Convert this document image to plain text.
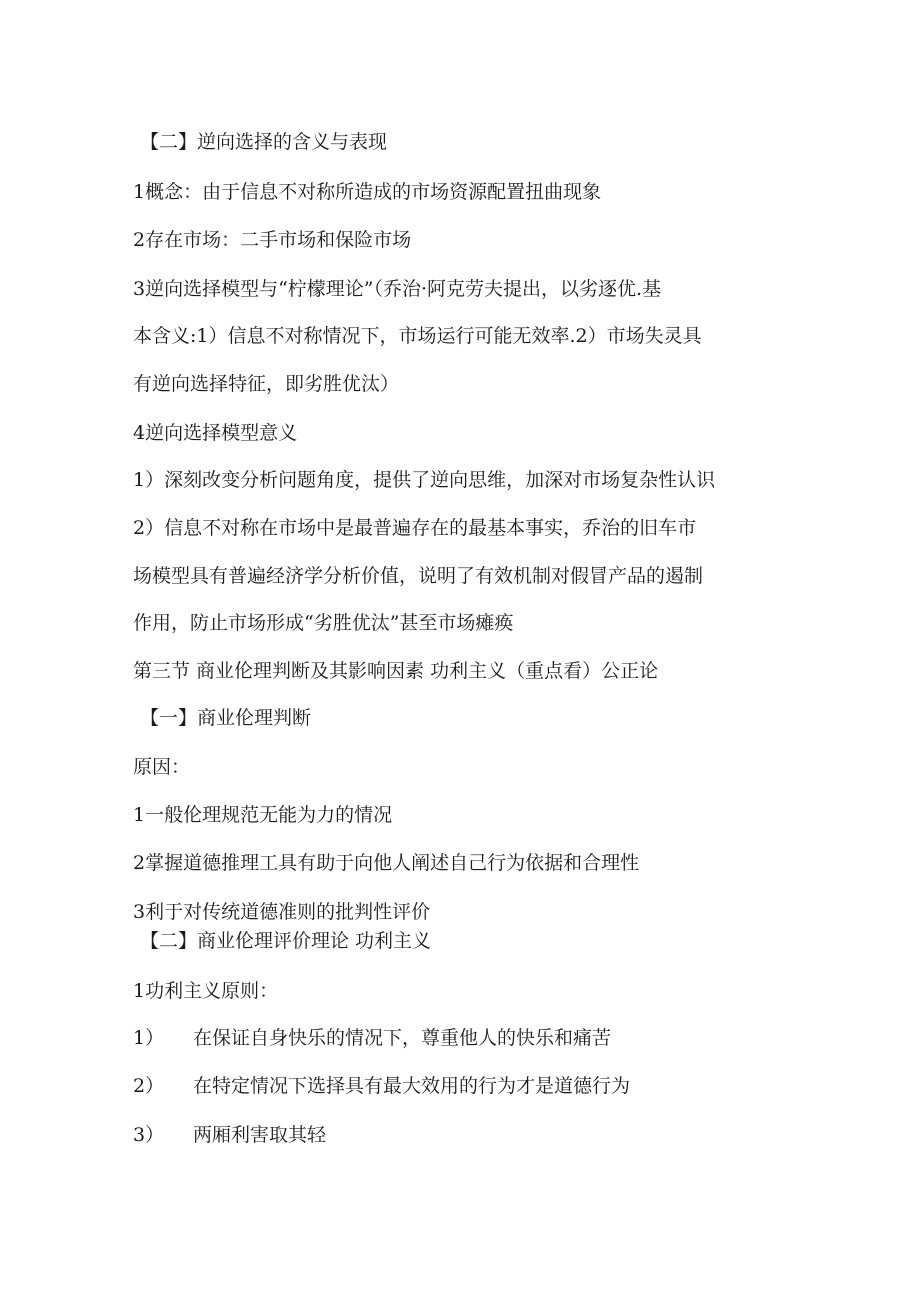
【二】逆向选择的含义与表现
1概念：由于信息不对称所造成的市场资源配置扭曲现象
2存在市场：二手市场和保险市场
3逆向选择模型与“柠檬理论”（乔治·阿克劳夫提出，以劣逐优.基
本含义:1）信息不对称情况下，市场运行可能无效率.2）市场失灵具
有逆向选择特征，即劣胜优汰）
4逆向选择模型意义
1）深刻改变分析问题角度，提供了逆向思维，加深对市场复杂性认识
2）信息不对称在市场中是最普遍存在的最基本事实，乔治的旧车市
场模型具有普遍经济学分析价值，说明了有效机制对假冒产品的遏制
作用，防止市场形成“劣胜优汰”甚至市场瘫痪
第三节 商业伦理判断及其影响因素 功利主义（重点看）公正论
【一】商业伦理判断
原因：
1一般伦理规范无能为力的情况
2掌握道德推理工具有助于向他人阐述自己行为依据和合理性
3利于对传统道德准则的批判性评价
【二】商业伦理评价理论 功利主义
1功利主义原则：
1） 在保证自身快乐的情况下，尊重他人的快乐和痛苦
2） 在特定情况下选择具有最大效用的行为才是道德行为
3） 两厢利害取其轻
